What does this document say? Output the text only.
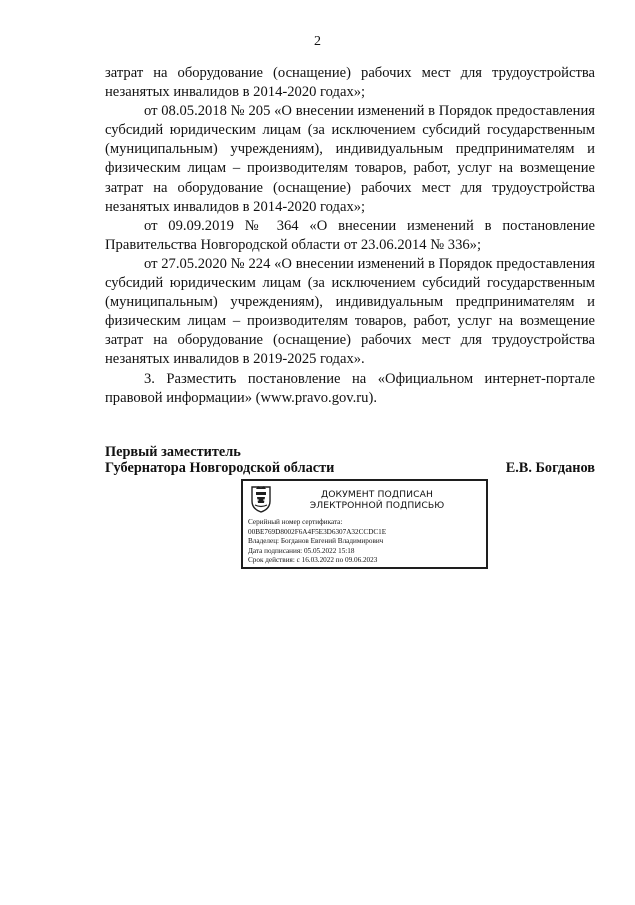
2

затрат на оборудование (оснащение) рабочих мест для трудоустройства незанятых инвалидов в 2014-2020 годах»;

от 08.05.2018 № 205 «О внесении изменений в Порядок предоставления субсидий юридическим лицам (за исключением субсидий государственным (муниципальным) учреждениям), индивидуальным предпринимателям и физическим лицам – производителям товаров, работ, услуг на возмещение затрат на оборудование (оснащение) рабочих мест для трудоустройства незанятых инвалидов в 2014-2020 годах»;

от 09.09.2019 № 364 «О внесении изменений в постановление Правительства Новгородской области от 23.06.2014 № 336»;

от 27.05.2020 № 224 «О внесении изменений в Порядок предоставления субсидий юридическим лицам (за исключением субсидий государственным (муниципальным) учреждениям), индивидуальным предпринимателям и физическим лицам – производителям товаров, работ, услуг на возмещение затрат на оборудование (оснащение) рабочих мест для трудоустройства незанятых инвалидов в 2019-2025 годах».

3. Разместить постановление на «Официальном интернет-портале правовой информации» (www.pravo.gov.ru).

Первый заместитель
Губернатора Новгородской области	Е.В. Богданов
ДОКУМЕНТ ПОДПИСАН
ЭЛЕКТРОННОЙ ПОДПИСЬЮ
Серийный номер сертификата:
00BE769D8002F6A4F5E3D6307A32CCDC1E
Владелец: Богданов Евгений Владимирович
Дата подписания: 05.05.2022 15:18
Срок действия: с 16.03.2022 по 09.06.2023
